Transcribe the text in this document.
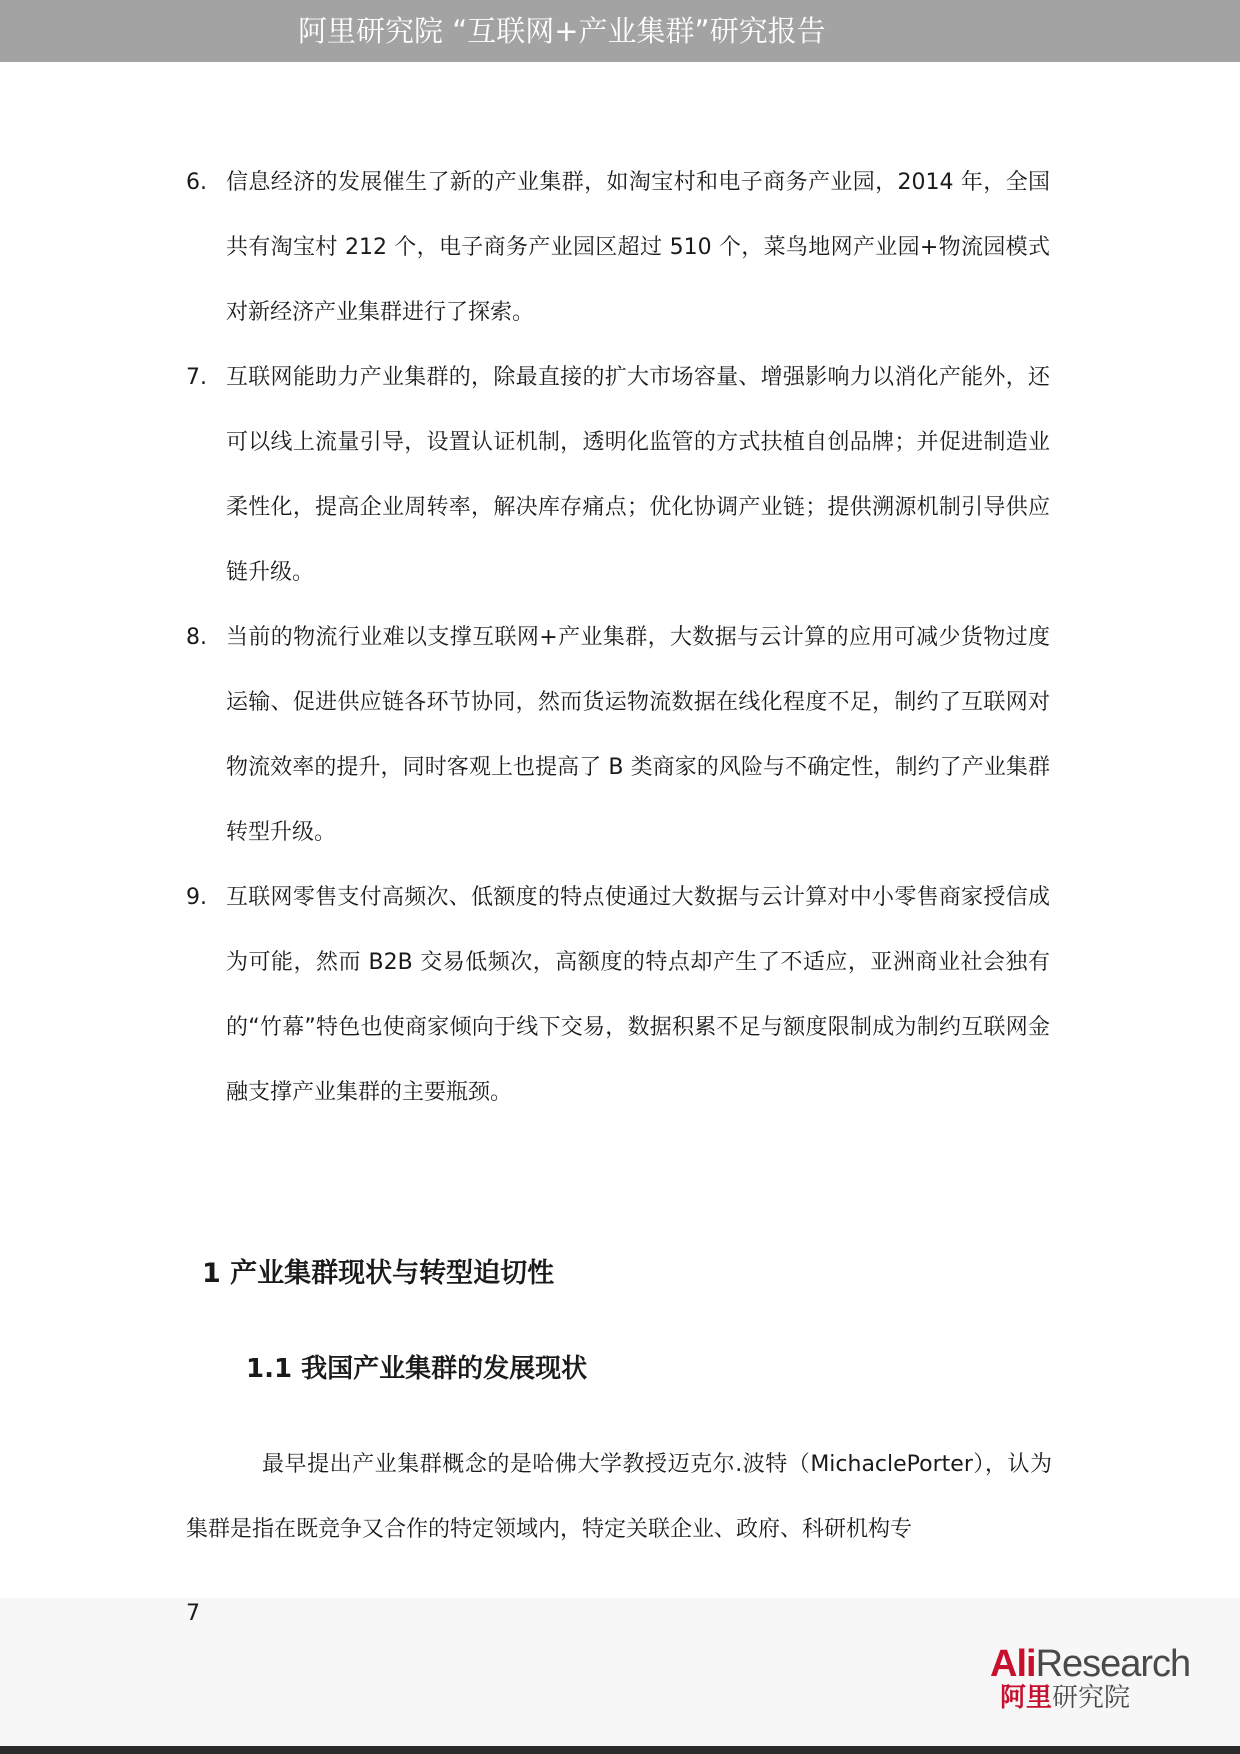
阿里研究院 “互联网+产业集群”研究报告
6. 信息经济的发展催生了新的产业集群，如淘宝村和电子商务产业园，2014 年，全国共有淘宝村 212 个，电子商务产业园区超过 510 个，菜鸟地网产业园+物流园模式对新经济产业集群进行了探索。
7. 互联网能助力产业集群的，除最直接的扩大市场容量、增强影响力以消化产能外，还可以线上流量引导，设置认证机制，透明化监管的方式扶植自创品牌；并促进制造业柔性化，提高企业周转率，解决库存痛点；优化协调产业链；提供溯源机制引导供应链升级。
8. 当前的物流行业难以支撑互联网+产业集群，大数据与云计算的应用可减少货物过度运输、促进供应链各环节协同，然而货运物流数据在线化程度不足，制约了互联网对物流效率的提升，同时客观上也提高了 B 类商家的风险与不确定性，制约了产业集群转型升级。
9. 互联网零售支付高频次、低额度的特点使通过大数据与云计算对中小零售商家授信成为可能，然而 B2B 交易低频次，高额度的特点却产生了不适应，亚洲商业社会独有的“竹幕”特色也使商家倾向于线下交易，数据积累不足与额度限制成为制约互联网金融支撑产业集群的主要瓶颈。
1 产业集群现状与转型迫切性
1.1 我国产业集群的发展现状
最早提出产业集群概念的是哈佛大学教授迈克尔.波特（MichaclePorter），认为集群是指在既竞争又合作的特定领域内，特定关联企业、政府、科研机构专
7
AliResearch
阿里研究院
